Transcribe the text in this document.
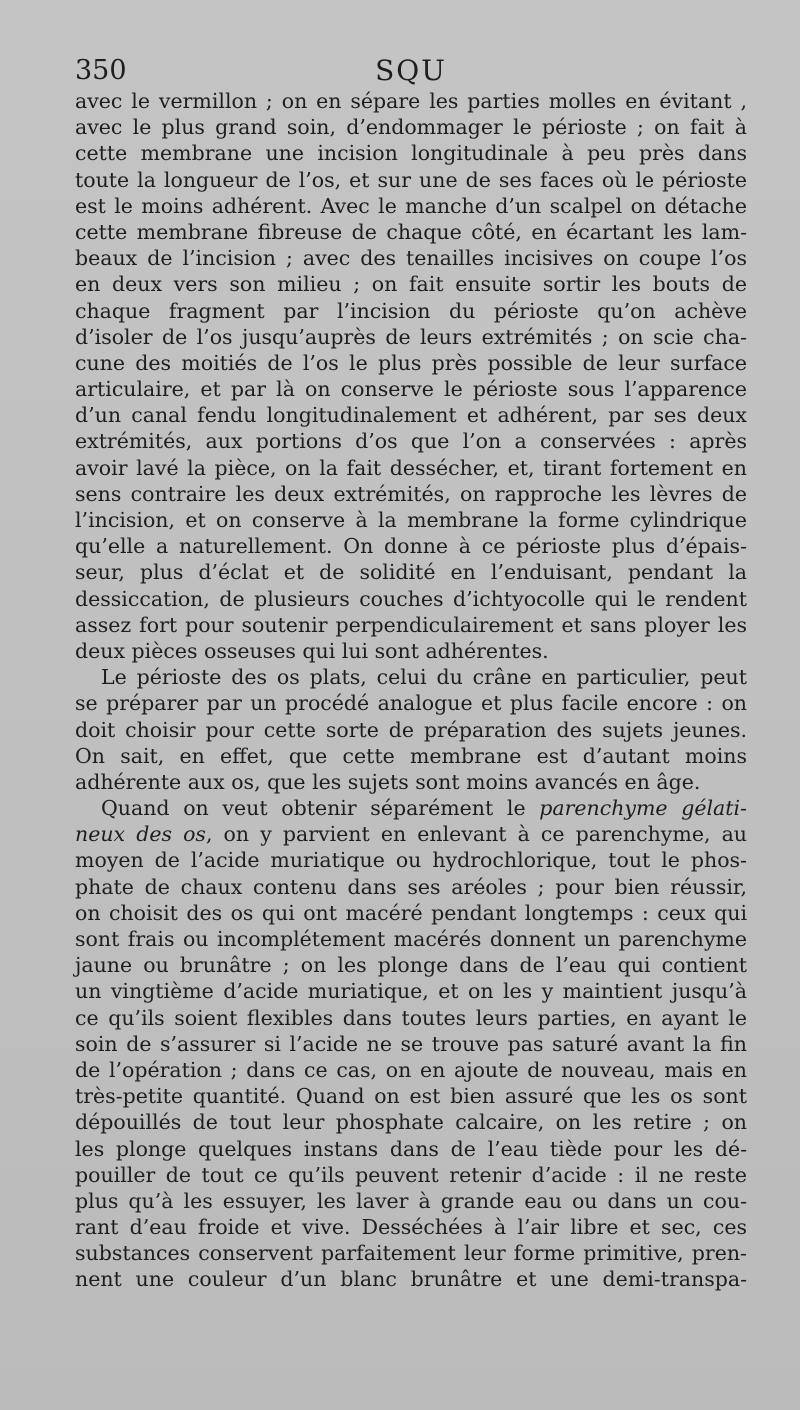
350	SQU
avec le vermillon ; on en sépare les parties molles en évitant ,
avec le plus grand soin, d’endommager le périoste ; on fait à
cette membrane une incision longitudinale à peu près dans
toute la longueur de l’os, et sur une de ses faces où le périoste
est le moins adhérent. Avec le manche d’un scalpel on détache
cette membrane fibreuse de chaque côté, en écartant les lam-
beaux de l’incision ; avec des tenailles incisives on coupe l’os
en deux vers son milieu ; on fait ensuite sortir les bouts de
chaque fragment par l’incision du périoste qu’on achève
d’isoler de l’os jusqu’auprès de leurs extrémités ; on scie cha-
cune des moitiés de l’os le plus près possible de leur surface
articulaire, et par là on conserve le périoste sous l’apparence
d’un canal fendu longitudinalement et adhérent, par ses deux
extrémités, aux portions d’os que l’on a conservées : après
avoir lavé la pièce, on la fait dessécher, et, tirant fortement en
sens contraire les deux extrémités, on rapproche les lèvres de
l’incision, et on conserve à la membrane la forme cylindrique
qu’elle a naturellement. On donne à ce périoste plus d’épais-
seur, plus d’éclat et de solidité en l’enduisant, pendant la
dessiccation, de plusieurs couches d’ichtyocolle qui le rendent
assez fort pour soutenir perpendiculairement et sans ployer les
deux pièces osseuses qui lui sont adhérentes.
Le périoste des os plats, celui du crâne en particulier, peut
se préparer par un procédé analogue et plus facile encore : on
doit choisir pour cette sorte de préparation des sujets jeunes.
On sait, en effet, que cette membrane est d’autant moins
adhérente aux os, que les sujets sont moins avancés en âge.
Quand on veut obtenir séparément le parenchyme gélati-
neux des os, on y parvient en enlevant à ce parenchyme, au
moyen de l’acide muriatique ou hydrochlorique, tout le phos-
phate de chaux contenu dans ses aréoles ; pour bien réussir,
on choisit des os qui ont macéré pendant longtemps : ceux qui
sont frais ou incomplétement macérés donnent un parenchyme
jaune ou brunâtre ; on les plonge dans de l’eau qui contient
un vingtième d’acide muriatique, et on les y maintient jusqu’à
ce qu’ils soient flexibles dans toutes leurs parties, en ayant le
soin de s’assurer si l’acide ne se trouve pas saturé avant la fin
de l’opération ; dans ce cas, on en ajoute de nouveau, mais en
très-petite quantité. Quand on est bien assuré que les os sont
dépouillés de tout leur phosphate calcaire, on les retire ; on
les plonge quelques instans dans de l’eau tiède pour les dé-
pouiller de tout ce qu’ils peuvent retenir d’acide : il ne reste
plus qu’à les essuyer, les laver à grande eau ou dans un cou-
rant d’eau froide et vive. Desséchées à l’air libre et sec, ces
substances conservent parfaitement leur forme primitive, pren-
nent une couleur d’un blanc brunâtre et une demi-transpa-
